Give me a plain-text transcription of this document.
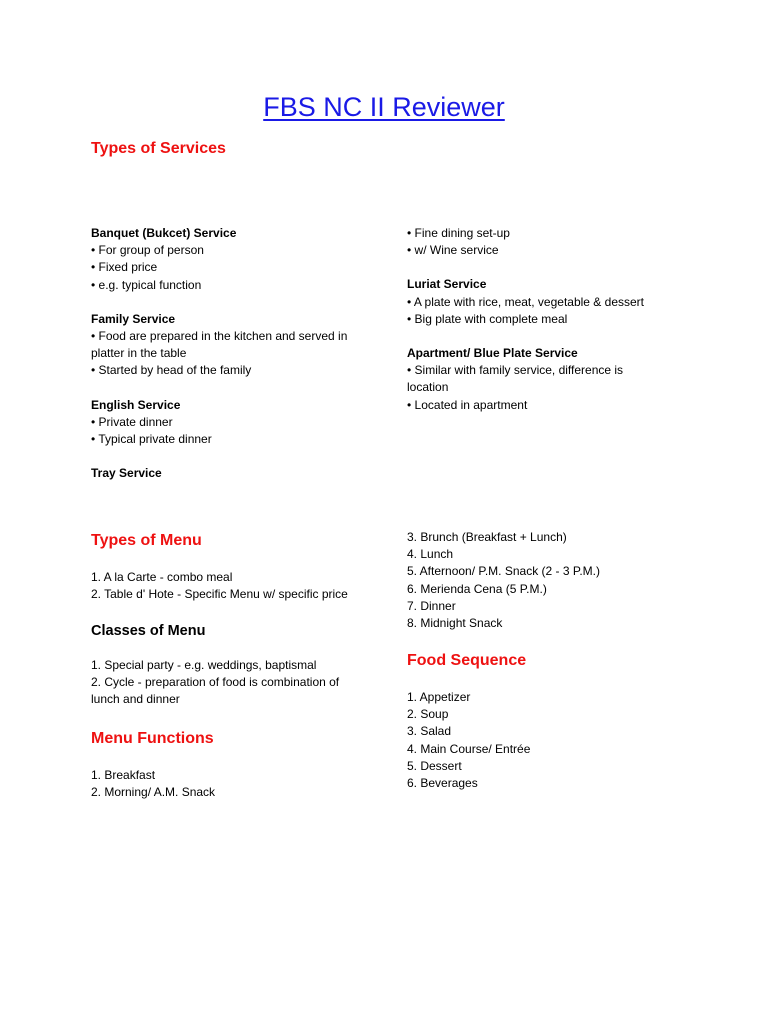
FBS NC II Reviewer
Types of Services
Banquet (Bukcet) Service
• For group of person
• Fixed price
• e.g. typical function
Family Service
• Food are prepared in the kitchen and served in platter in the table
• Started by head of the family
English Service
• Private dinner
• Typical private dinner
Tray Service
• Fine dining set-up
• w/ Wine service
Luriat Service
• A plate with rice, meat, vegetable & dessert
• Big plate with complete meal
Apartment/ Blue Plate Service
• Similar with family service, difference is location
• Located in apartment
Types of Menu
1. A la Carte - combo meal
2. Table d' Hote - Specific Menu w/ specific price
Classes of Menu
1. Special party - e.g. weddings, baptismal
2. Cycle - preparation of food is combination of lunch and dinner
Menu Functions
1. Breakfast
2. Morning/ A.M. Snack
3. Brunch (Breakfast + Lunch)
4. Lunch
5. Afternoon/ P.M. Snack (2 - 3 P.M.)
6. Merienda Cena (5 P.M.)
7. Dinner
8. Midnight Snack
Food Sequence
1. Appetizer
2. Soup
3. Salad
4. Main Course/ Entrée
5. Dessert
6. Beverages
